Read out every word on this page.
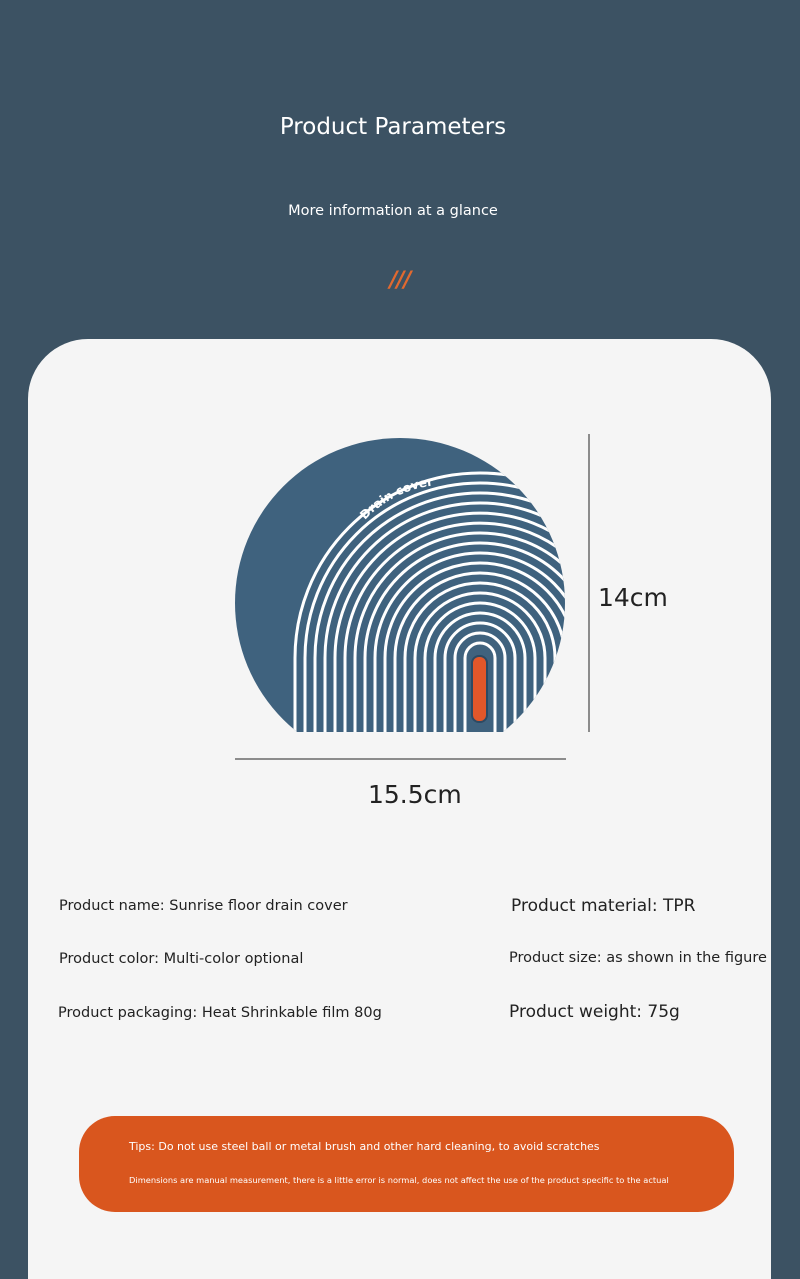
Product Parameters
More information at a glance
///
Drain cover
14cm
15.5cm
Product name: Sunrise floor drain cover	Product material: TPR
Product color: Multi-color optional	Product size: as shown in the figure
Product packaging: Heat Shrinkable film 80g	Product weight: 75g
Tips: Do not use steel ball or metal brush and other hard cleaning, to avoid scratches
Dimensions are manual measurement, there is a little error is normal, does not affect the use of the product specific to the actual
